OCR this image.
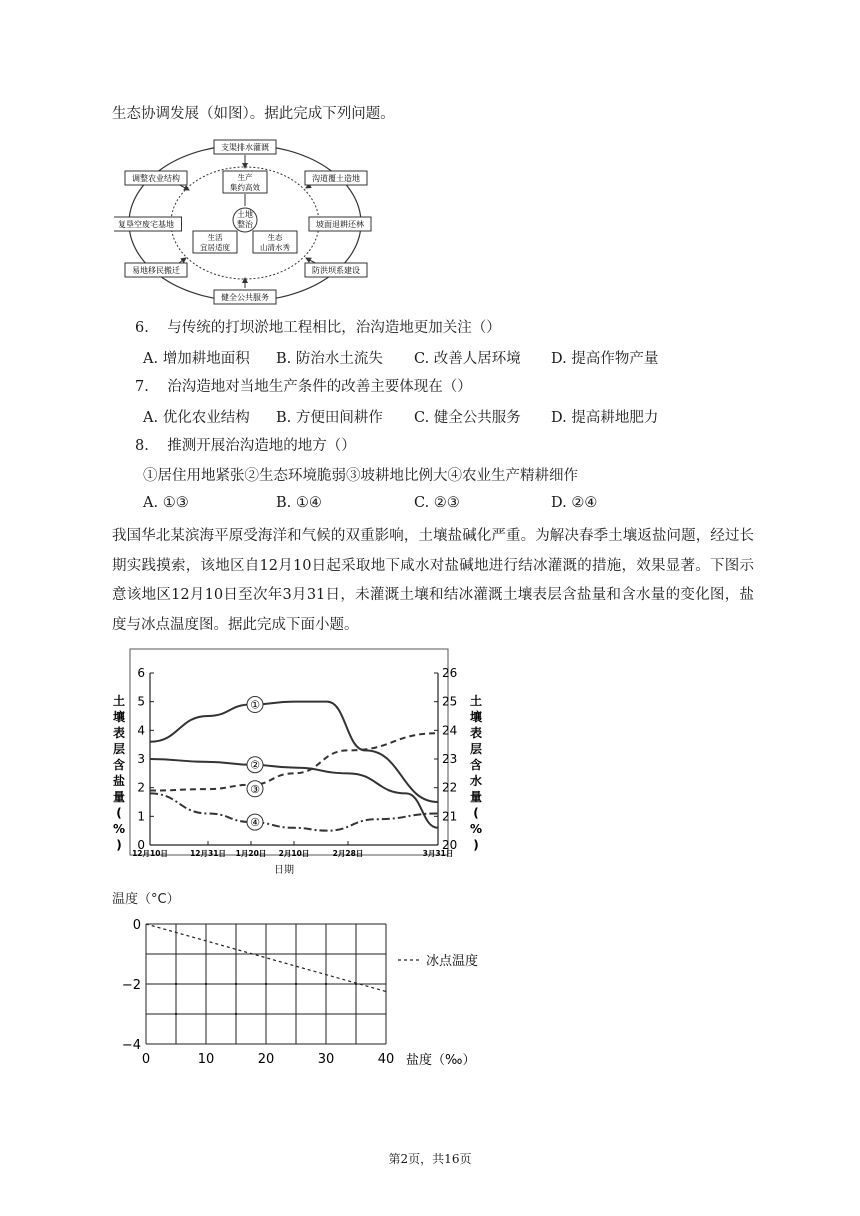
生态协调发展（如图）。据此完成下列问题。
支渠排水灌溉
沟道覆土造地
坡面退耕还林
防洪坝系建设
健全公共服务
易地移民搬迁
复垦空废宅基地
调整农业结构	生产
集约高效
生活
宜居适度
生态
山清水秀
土地
整治
6. 与传统的打坝淤地工程相比，治沟造地更加关注（）
A. 增加耕地面积 B. 防治水土流失 C. 改善人居环境 D. 提高作物产量
7. 治沟造地对当地生产条件的改善主要体现在（）
A. 优化农业结构 B. 方便田间耕作 C. 健全公共服务 D. 提高耕地肥力
8. 推测开展治沟造地的地方（）
①居住用地紧张②生态环境脆弱③坡耕地比例大④农业生产精耕细作
A. ①③	B. ①④	C. ②③	D. ②④
我国华北某滨海平原受海洋和气候的双重影响，土壤盐碱化严重。为解决春季土壤返盐问题，经过长期实践摸索，该地区自12月10日起采取地下咸水对盐碱地进行结冰灌溉的措施，效果显著。下图示意该地区12月10日至次年3月31日，未灌溉土壤和结冰灌溉土壤表层含盐量和含水量的变化图，盐度与冰点温度图。据此完成下面小题。
0
1
2
3
4
5
6
20
21
22
23
24
25
26
12月10日	12月31日 1月20日 2月10日	2月28日	3月31日
①
②
③
④
日期
土
壤
表
层
含
盐
量
(
%
)
土
壤
表
层
含
水
量
(
%
)
温度（°C）
0	10	20	30	40
0
−2
−4
盐度（‰）
冰点温度
第2页，共16页
